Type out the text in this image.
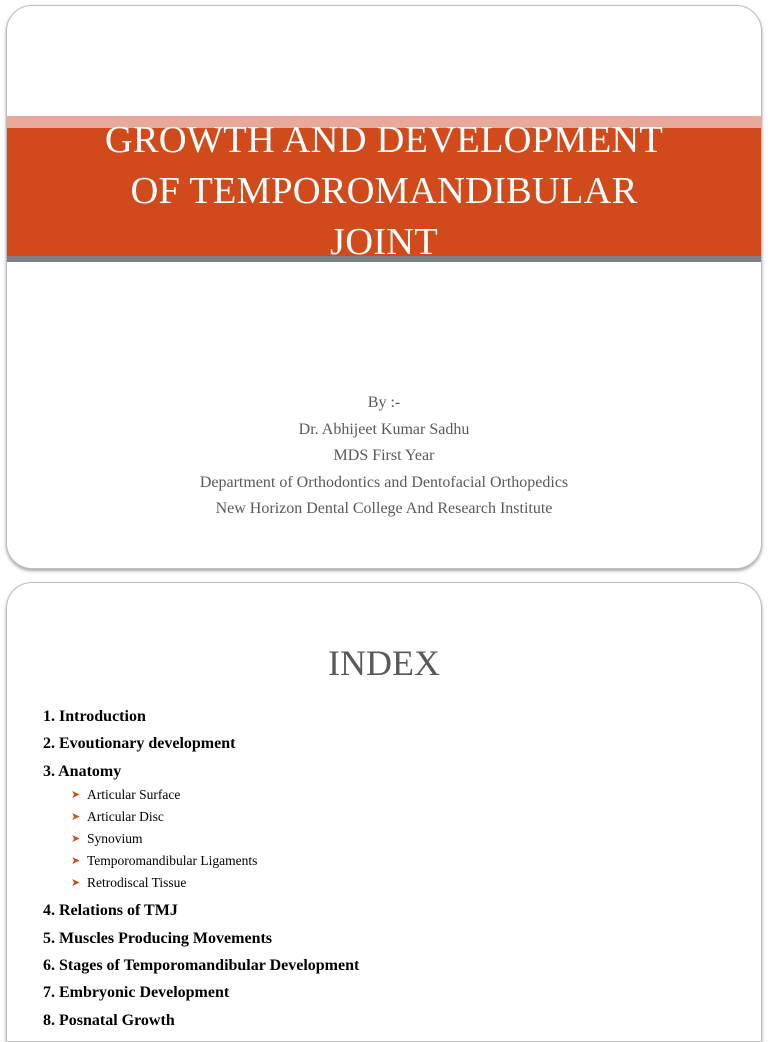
GROWTH AND DEVELOPMENT
OF TEMPOROMANDIBULAR
JOINT
By :-
Dr. Abhijeet Kumar Sadhu
MDS First Year
Department of Orthodontics and Dentofacial Orthopedics
New Horizon Dental College And Research Institute
INDEX
1. Introduction
2. Evoutionary development
3. Anatomy
➤ Articular Surface
➤ Articular Disc
➤ Synovium
➤ Temporomandibular Ligaments
➤ Retrodiscal Tissue
4. Relations of TMJ
5. Muscles Producing Movements
6. Stages of Temporomandibular Development
7. Embryonic Development
8. Posnatal Growth
